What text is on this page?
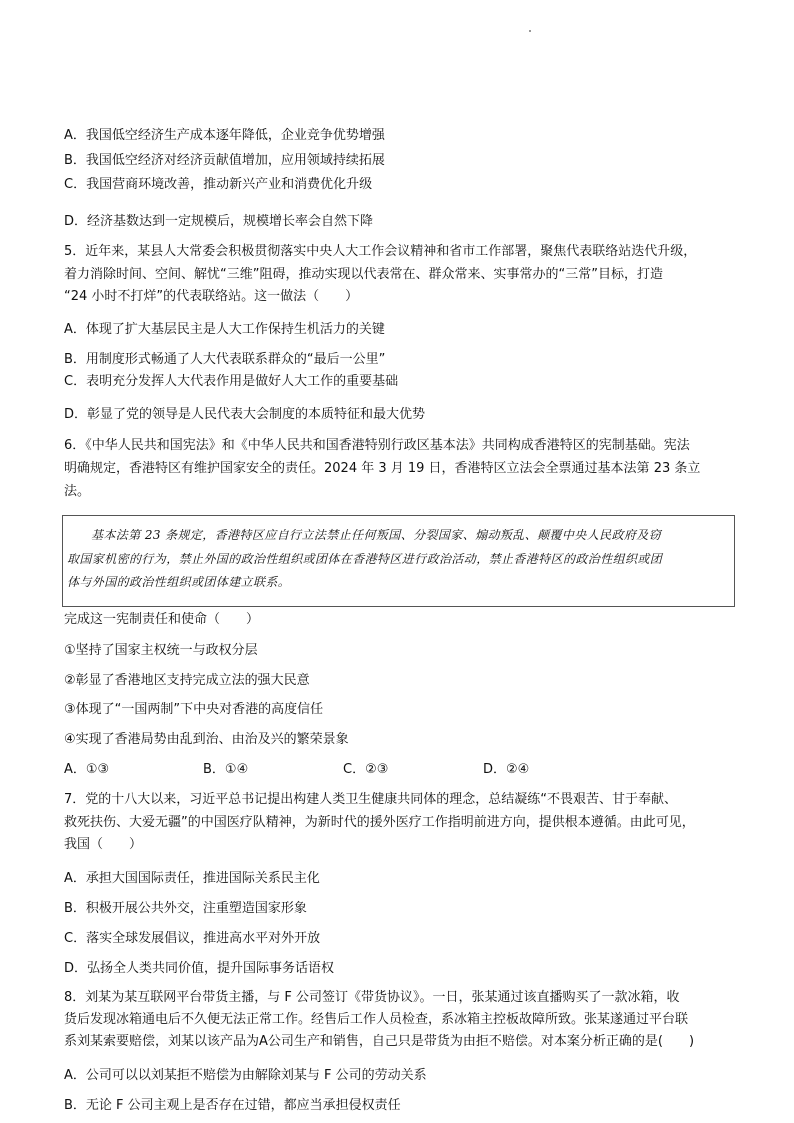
A．我国低空经济生产成本逐年降低，企业竞争优势增强
B．我国低空经济对经济贡献值增加，应用领域持续拓展
C．我国营商环境改善，推动新兴产业和消费优化升级
D．经济基数达到一定规模后，规模增长率会自然下降
5．近年来，某县人大常委会积极贯彻落实中央人大工作会议精神和省市工作部署，聚焦代表联络站迭代升级，
着力消除时间、空间、解忧“三维”阻碍，推动实现以代表常在、群众常来、实事常办的“三常”目标，打造
“24 小时不打烊”的代表联络站。这一做法（　　）
A．体现了扩大基层民主是人大工作保持生机活力的关键
B．用制度形式畅通了人大代表联系群众的“最后一公里”
C．表明充分发挥人大代表作用是做好人大工作的重要基础
D．彰显了党的领导是人民代表大会制度的本质特征和最大优势
6．《中华人民共和国宪法》和《中华人民共和国香港特别行政区基本法》共同构成香港特区的宪制基础。宪法
明确规定，香港特区有维护国家安全的责任。2024 年 3 月 19 日，香港特区立法会全票通过基本法第 23 条立
法。
基本法第 23 条规定，香港特区应自行立法禁止任何叛国、分裂国家、煽动叛乱、颠覆中央人民政府及窃
取国家机密的行为，禁止外国的政治性组织或团体在香港特区进行政治活动，禁止香港特区的政治性组织或团
体与外国的政治性组织或团体建立联系。
完成这一宪制责任和使命（　　）
①坚持了国家主权统一与政权分层
②彰显了香港地区支持完成立法的强大民意
③体现了“一国两制”下中央对香港的高度信任
④实现了香港局势由乱到治、由治及兴的繁荣景象
A．①③	B．①④	C．②③	D．②④
7．党的十八大以来，习近平总书记提出构建人类卫生健康共同体的理念，总结凝练“不畏艰苦、甘于奉献、
救死扶伤、大爱无疆”的中国医疗队精神，为新时代的援外医疗工作指明前进方向，提供根本遵循。由此可见，
我国（　　）
A．承担大国国际责任，推进国际关系民主化
B．积极开展公共外交，注重塑造国家形象
C．落实全球发展倡议，推进高水平对外开放
D．弘扬全人类共同价值，提升国际事务话语权
8．刘某为某互联网平台带货主播，与 F 公司签订《带货协议》。一日，张某通过该直播购买了一款冰箱，收
货后发现冰箱通电后不久便无法正常工作。经售后工作人员检查，系冰箱主控板故障所致。张某遂通过平台联
系刘某索要赔偿，刘某以该产品为A公司生产和销售，自己只是带货为由拒不赔偿。对本案分析正确的是(　　)
A．公司可以以刘某拒不赔偿为由解除刘某与 F 公司的劳动关系
B．无论 F 公司主观上是否存在过错，都应当承担侵权责任
